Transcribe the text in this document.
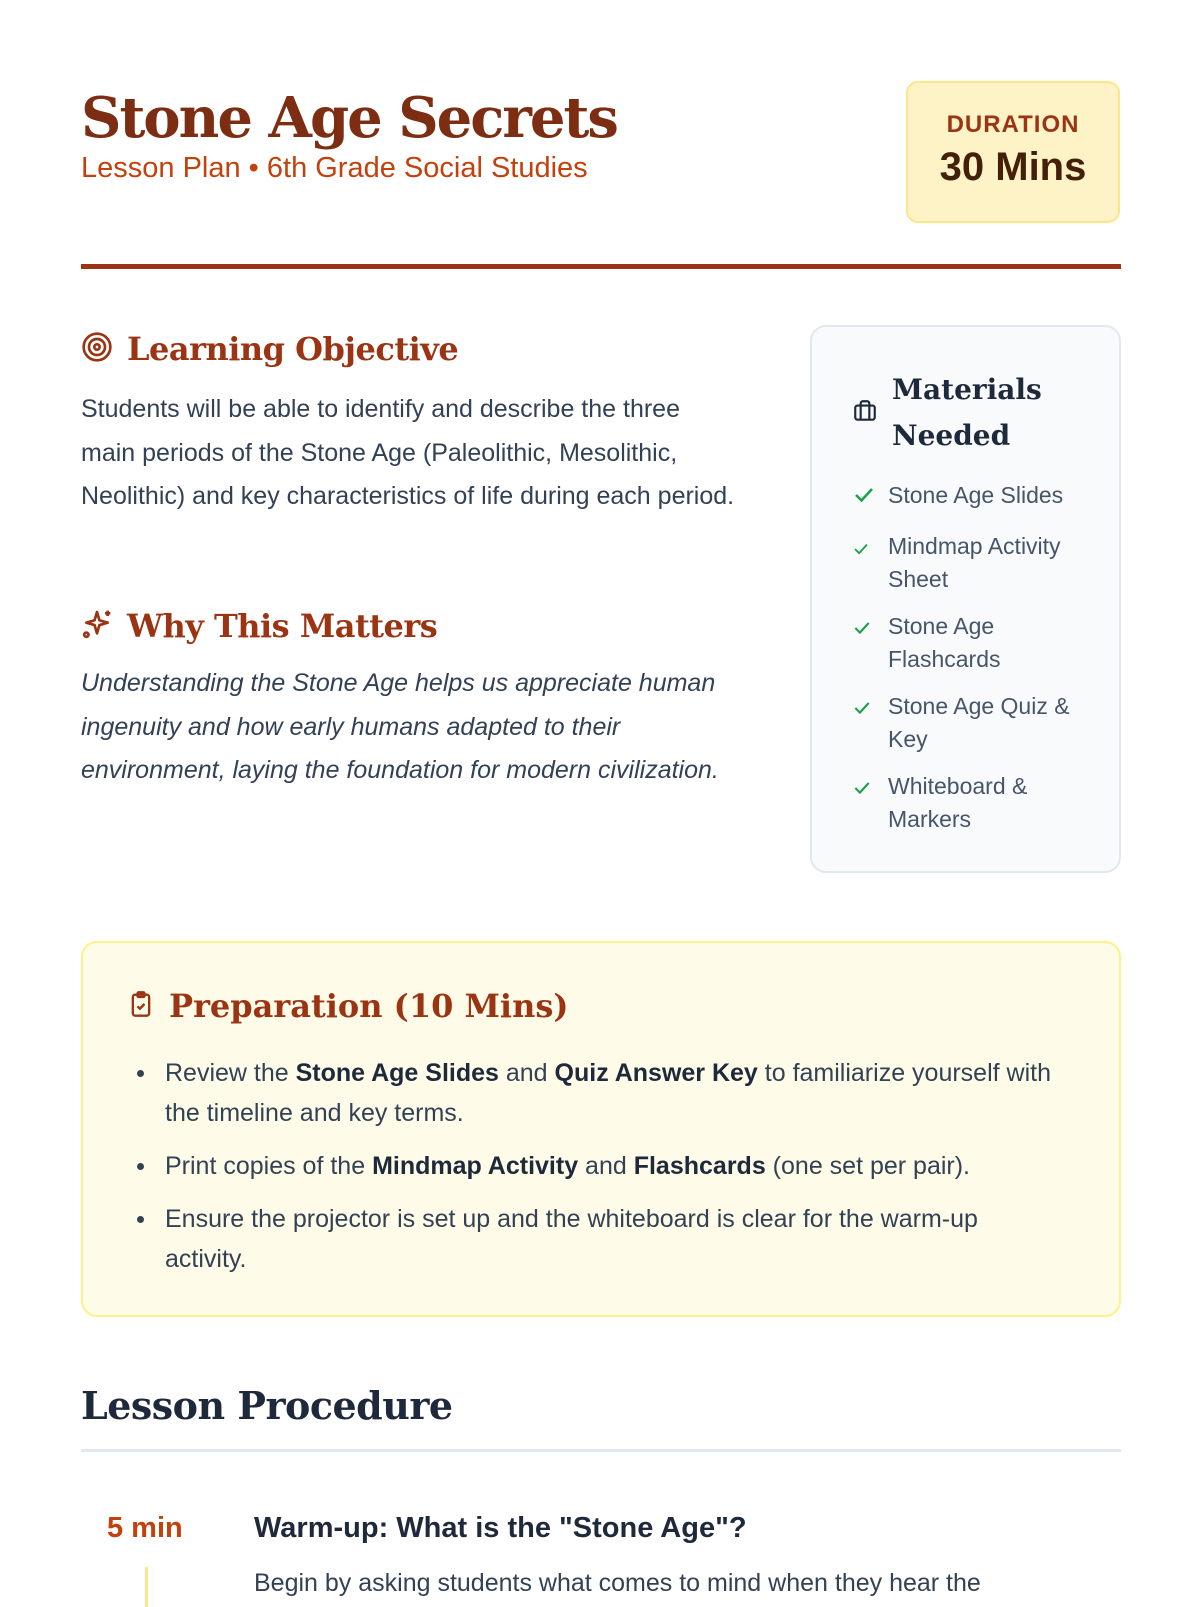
Stone Age Secrets
Lesson Plan • 6th Grade Social Studies
DURATION
30 Mins
Learning Objective
Students will be able to identify and describe the three main periods of the Stone Age (Paleolithic, Mesolithic, Neolithic) and key characteristics of life during each period.
Why This Matters
Understanding the Stone Age helps us appreciate human ingenuity and how early humans adapted to their environment, laying the foundation for modern civilization.
Materials Needed
Stone Age Slides
Mindmap Activity Sheet
Stone Age Flashcards
Stone Age Quiz & Key
Whiteboard & Markers
Preparation (10 Mins)
Review the Stone Age Slides and Quiz Answer Key to familiarize yourself with the timeline and key terms.
Print copies of the Mindmap Activity and Flashcards (one set per pair).
Ensure the projector is set up and the whiteboard is clear for the warm-up activity.
Lesson Procedure
5 min Warm-up: What is the "Stone Age"?
Begin by asking students what comes to mind when they hear the
